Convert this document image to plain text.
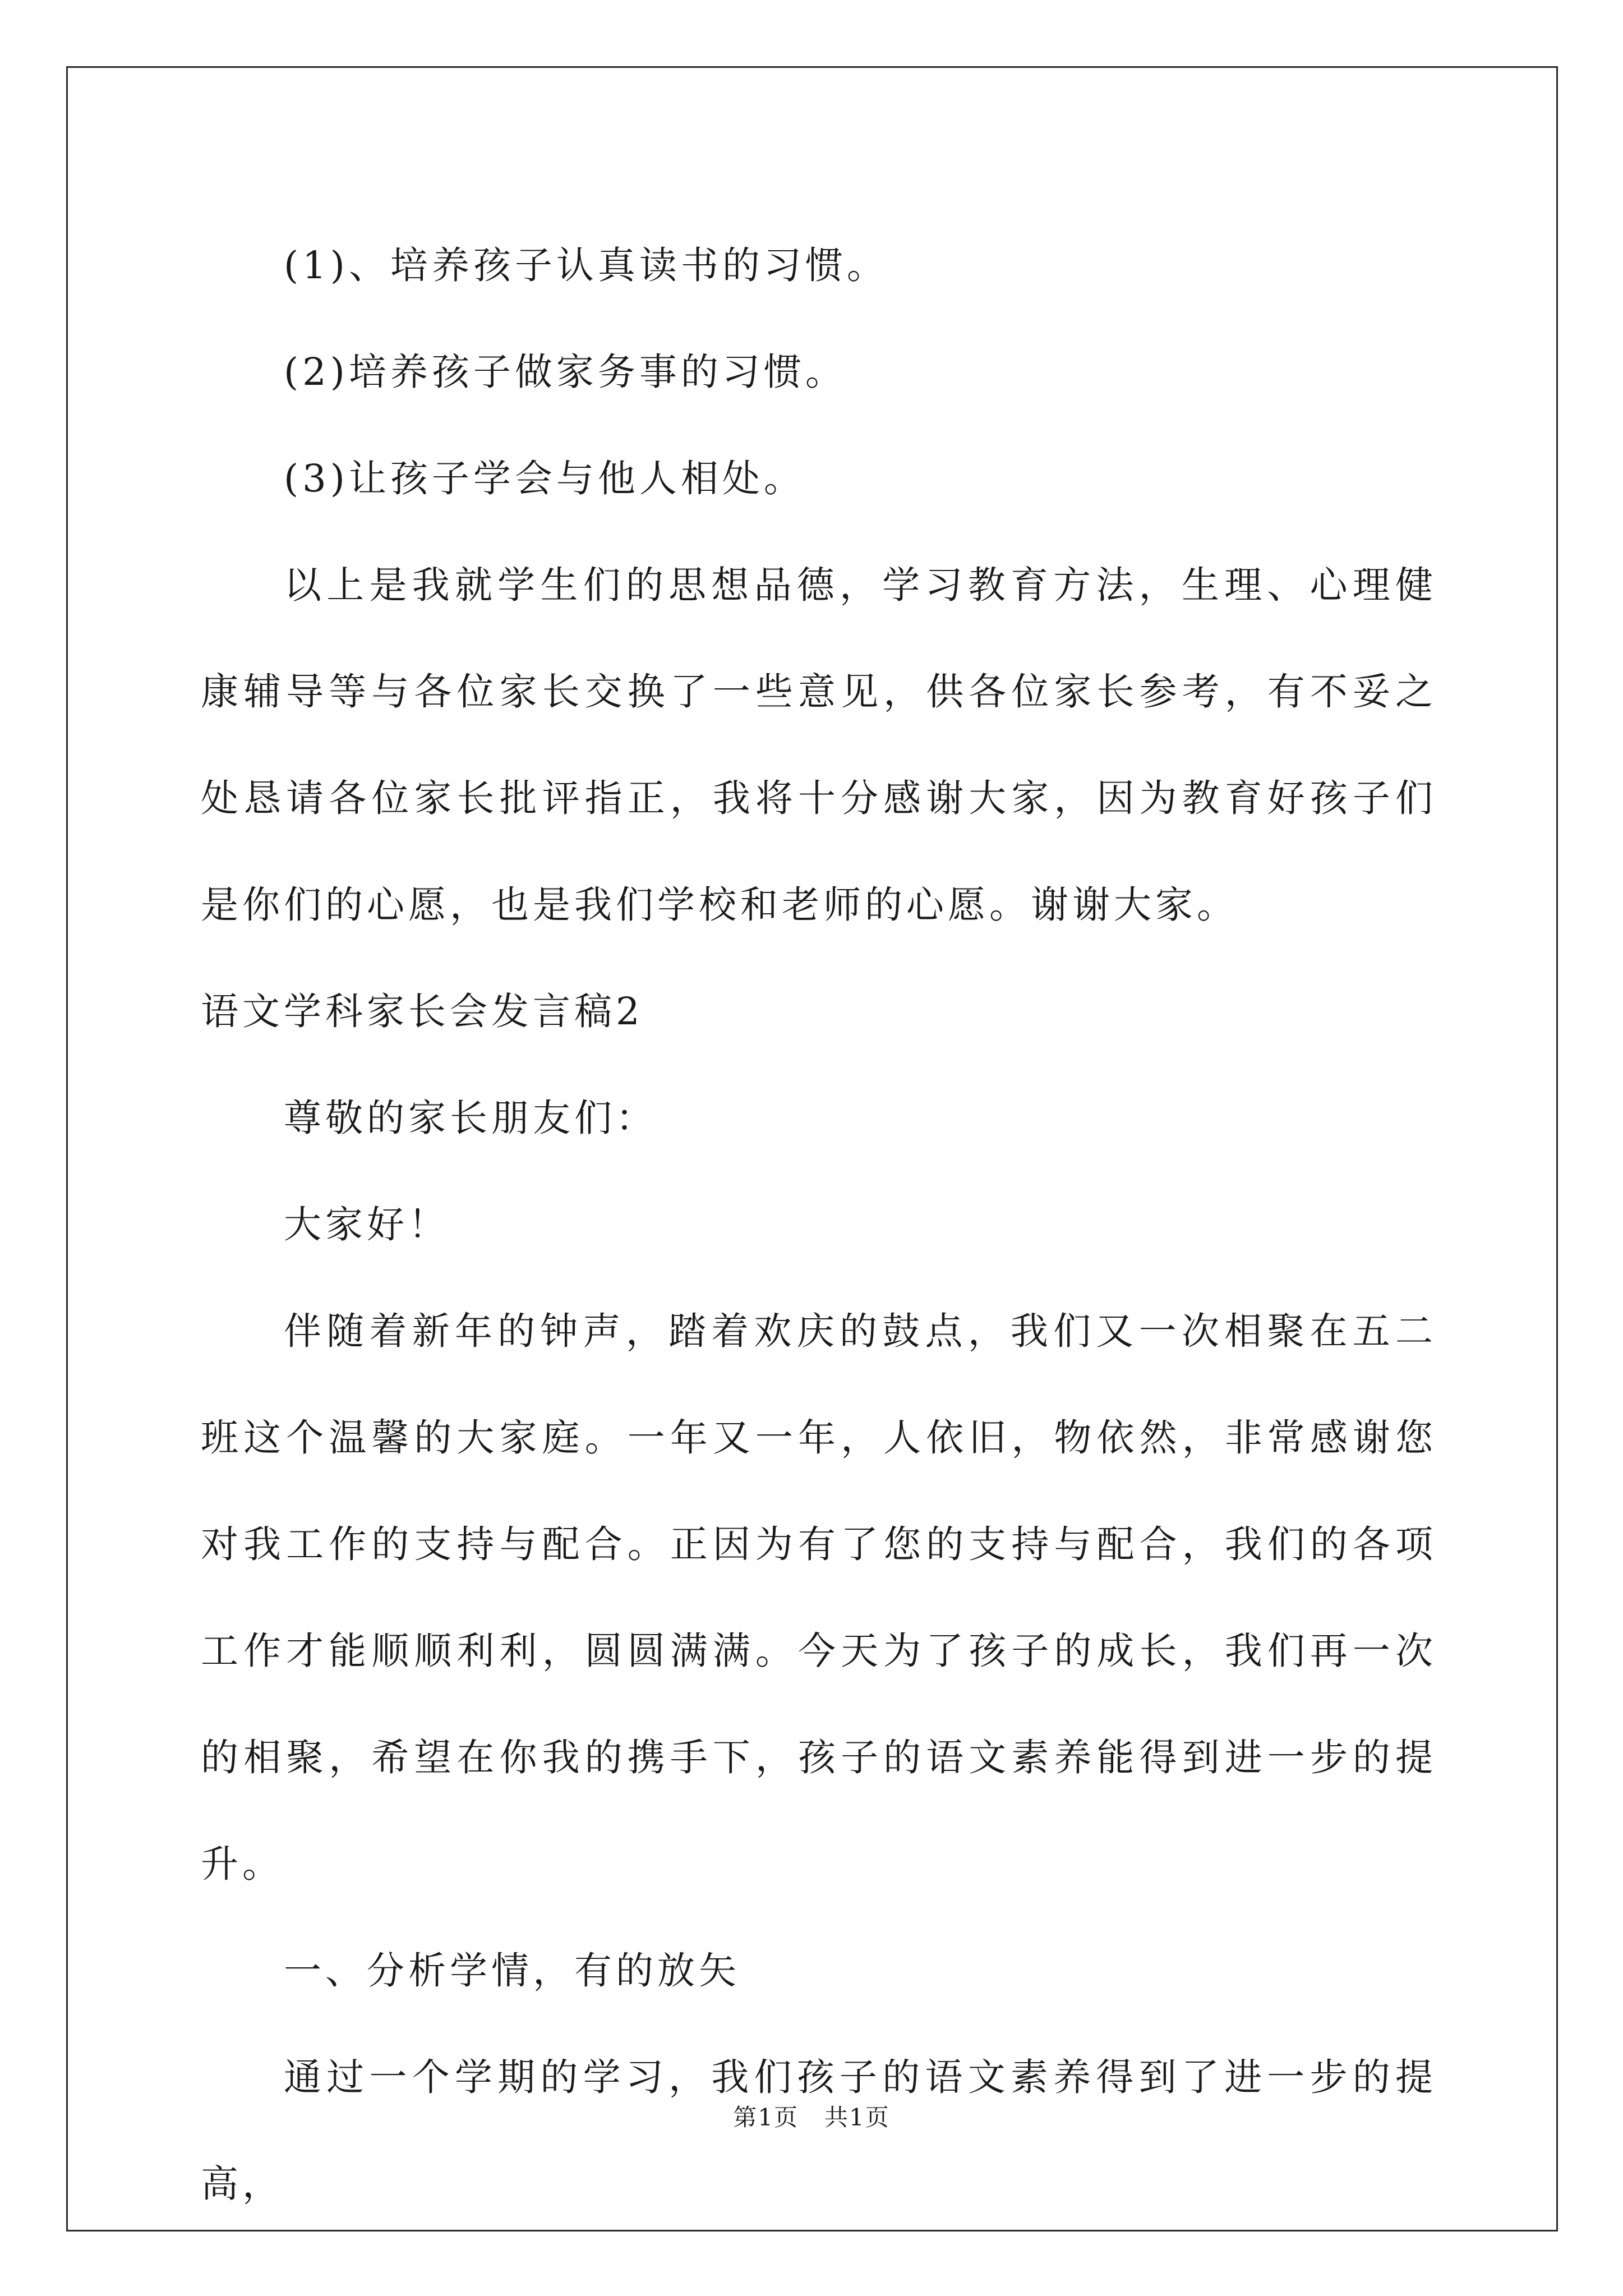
(1)、培养孩子认真读书的习惯。

(2)培养孩子做家务事的习惯。

(3)让孩子学会与他人相处。

以上是我就学生们的思想品德，学习教育方法，生理、心理健康辅导等与各位家长交换了一些意见，供各位家长参考，有不妥之处恳请各位家长批评指正，我将十分感谢大家，因为教育好孩子们是你们的心愿，也是我们学校和老师的心愿。谢谢大家。

语文学科家长会发言稿2

尊敬的家长朋友们：

大家好！

伴随着新年的钟声，踏着欢庆的鼓点，我们又一次相聚在五二班这个温馨的大家庭。一年又一年，人依旧，物依然，非常感谢您对我工作的支持与配合。正因为有了您的支持与配合，我们的各项工作才能顺顺利利，圆圆满满。今天为了孩子的成长，我们再一次的相聚，希望在你我的携手下，孩子的语文素养能得到进一步的提升。

一、分析学情，有的放矢

通过一个学期的学习，我们孩子的语文素养得到了进一步的提高，

第1页 共1页
